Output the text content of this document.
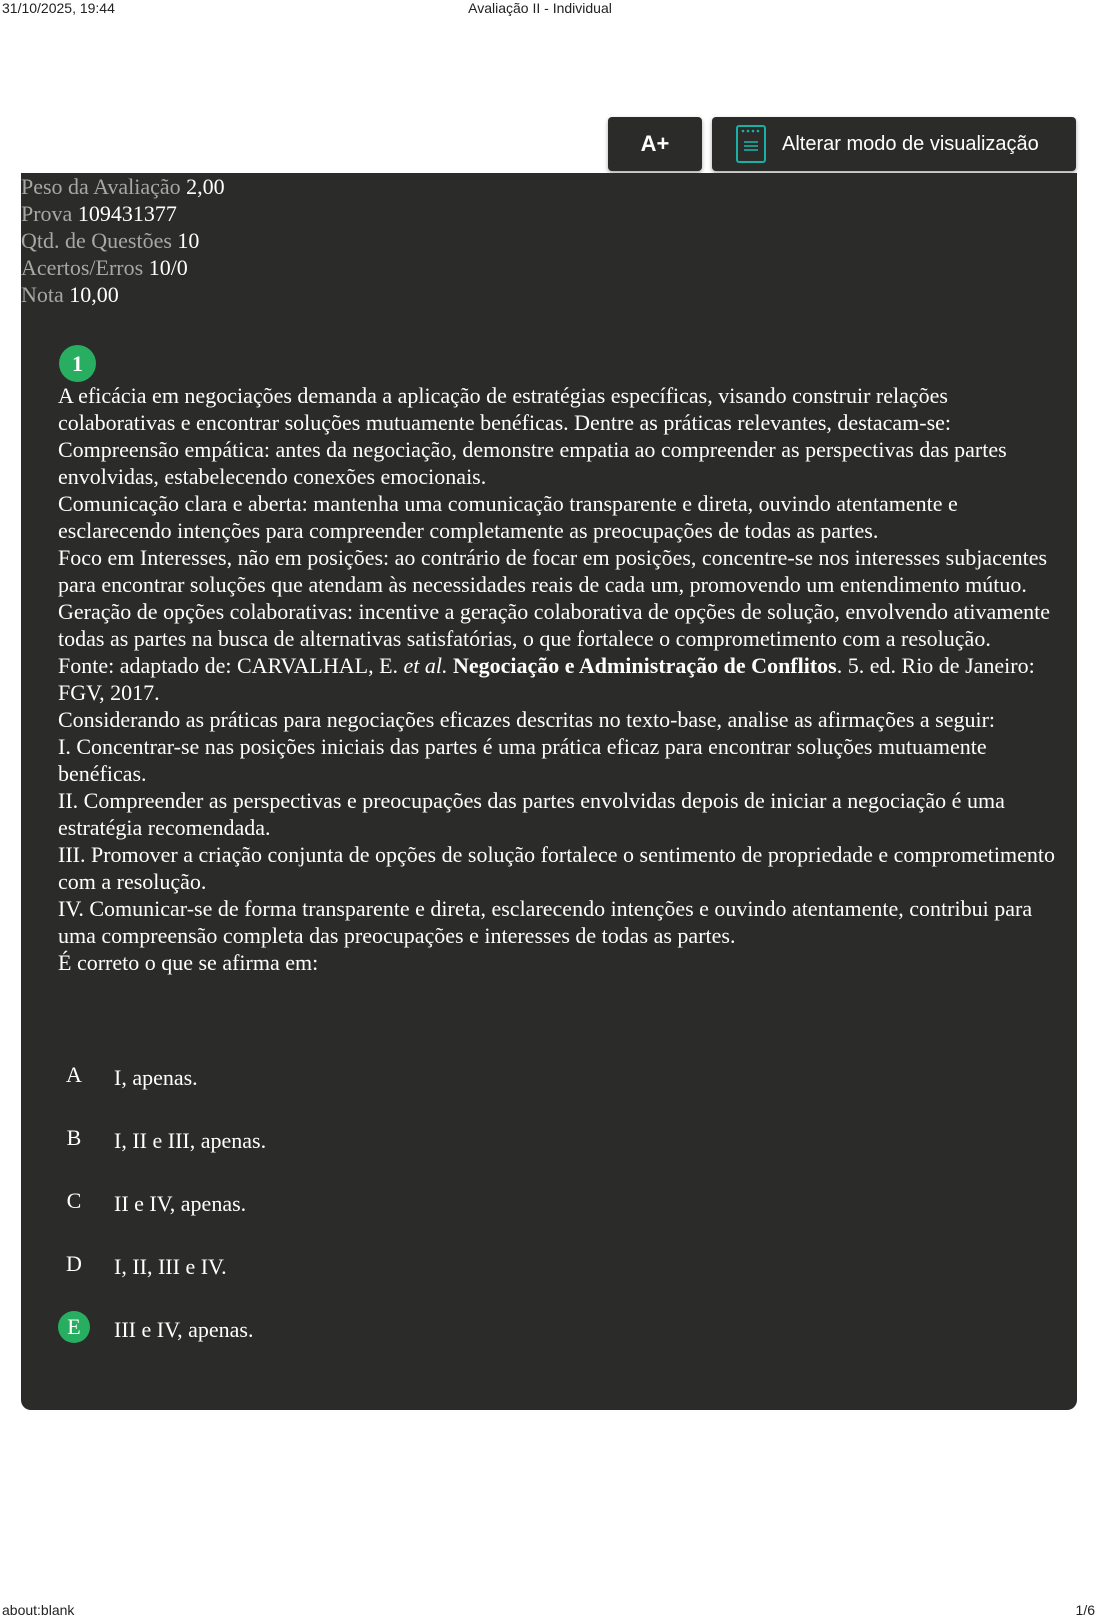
31/10/2025, 19:44	Avaliação II - Individual
A+	Alterar modo de visualização
Peso da Avaliação 2,00
Prova 109431377
Qtd. de Questões 10
Acertos/Erros 10/0
Nota 10,00
1

A eficácia em negociações demanda a aplicação de estratégias específicas, visando construir relações colaborativas e encontrar soluções mutuamente benéficas. Dentre as práticas relevantes, destacam-se:

Compreensão empática: antes da negociação, demonstre empatia ao compreender as perspectivas das partes envolvidas, estabelecendo conexões emocionais.

Comunicação clara e aberta: mantenha uma comunicação transparente e direta, ouvindo atentamente e esclarecendo intenções para compreender completamente as preocupações de todas as partes.

Foco em Interesses, não em posições: ao contrário de focar em posições, concentre-se nos interesses subjacentes para encontrar soluções que atendam às necessidades reais de cada um, promovendo um entendimento mútuo.

Geração de opções colaborativas: incentive a geração colaborativa de opções de solução, envolvendo ativamente todas as partes na busca de alternativas satisfatórias, o que fortalece o comprometimento com a resolução.

Fonte: adaptado de: CARVALHAL, E. et al. Negociação e Administração de Conflitos. 5. ed. Rio de Janeiro: FGV, 2017.

Considerando as práticas para negociações eficazes descritas no texto-base, analise as afirmações a seguir:

I. Concentrar-se nas posições iniciais das partes é uma prática eficaz para encontrar soluções mutuamente benéficas.

II. Compreender as perspectivas e preocupações das partes envolvidas depois de iniciar a negociação é uma estratégia recomendada.

III. Promover a criação conjunta de opções de solução fortalece o sentimento de propriedade e comprometimento com a resolução.

IV. Comunicar-se de forma transparente e direta, esclarecendo intenções e ouvindo atentamente, contribui para uma compreensão completa das preocupações e interesses de todas as partes.

É correto o que se afirma em:

A	I, apenas.
B	I, II e III, apenas.
C	II e IV, apenas.
D	I, II, III e IV.
E	III e IV, apenas.
about:blank	1/6
